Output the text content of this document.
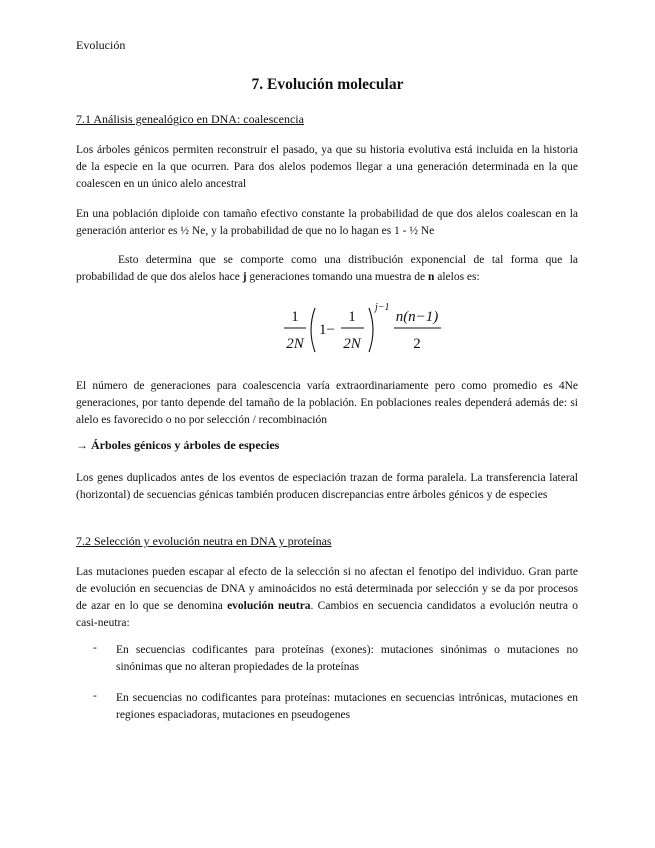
Evolución
7. Evolución molecular
7.1 Análisis genealógico en DNA: coalescencia

Los árboles génicos permiten reconstruir el pasado, ya que su historia evolutiva está incluida en la historia de la especie en la que ocurren. Para dos alelos podemos llegar a una generación determinada en la que coalescen en un único alelo ancestral

En una población diploide con tamaño efectivo constante la probabilidad de que dos alelos coalescan en la generación anterior es ½ Ne, y la probabilidad de que no lo hagan es 1 - ½ Ne

Esto determina que se comporte como una distribución exponencial de tal forma que la probabilidad de que dos alelos hace j generaciones tomando una muestra de n alelos es:

1
2N
1−
1
2N
j−1
n(n−1)
2

El número de generaciones para coalescencia varía extraordinariamente pero como promedio es 4Ne generaciones, por tanto depende del tamaño de la población. En poblaciones reales dependerá además de: si alelo es favorecido o no por selección / recombinación

→ Árboles génicos y árboles de especies

Los genes duplicados antes de los eventos de especiación trazan de forma paralela. La transferencia lateral (horizontal) de secuencias génicas también producen discrepancias entre árboles génicos y de especies

7.2 Selección y evolución neutra en DNA y proteínas

Las mutaciones pueden escapar al efecto de la selección si no afectan el fenotipo del individuo. Gran parte de evolución en secuencias de DNA y aminoácidos no está determinada por selección y se da por procesos de azar en lo que se denomina evolución neutra. Cambios en secuencia candidatos a evolución neutra o casi-neutra:

- En secuencias codificantes para proteínas (exones): mutaciones sinónimas o mutaciones no sinónimas que no alteran propiedades de la proteínas

- En secuencias no codificantes para proteínas: mutaciones en secuencias intrónicas, mutaciones en regiones espaciadoras, mutaciones en pseudogenes
